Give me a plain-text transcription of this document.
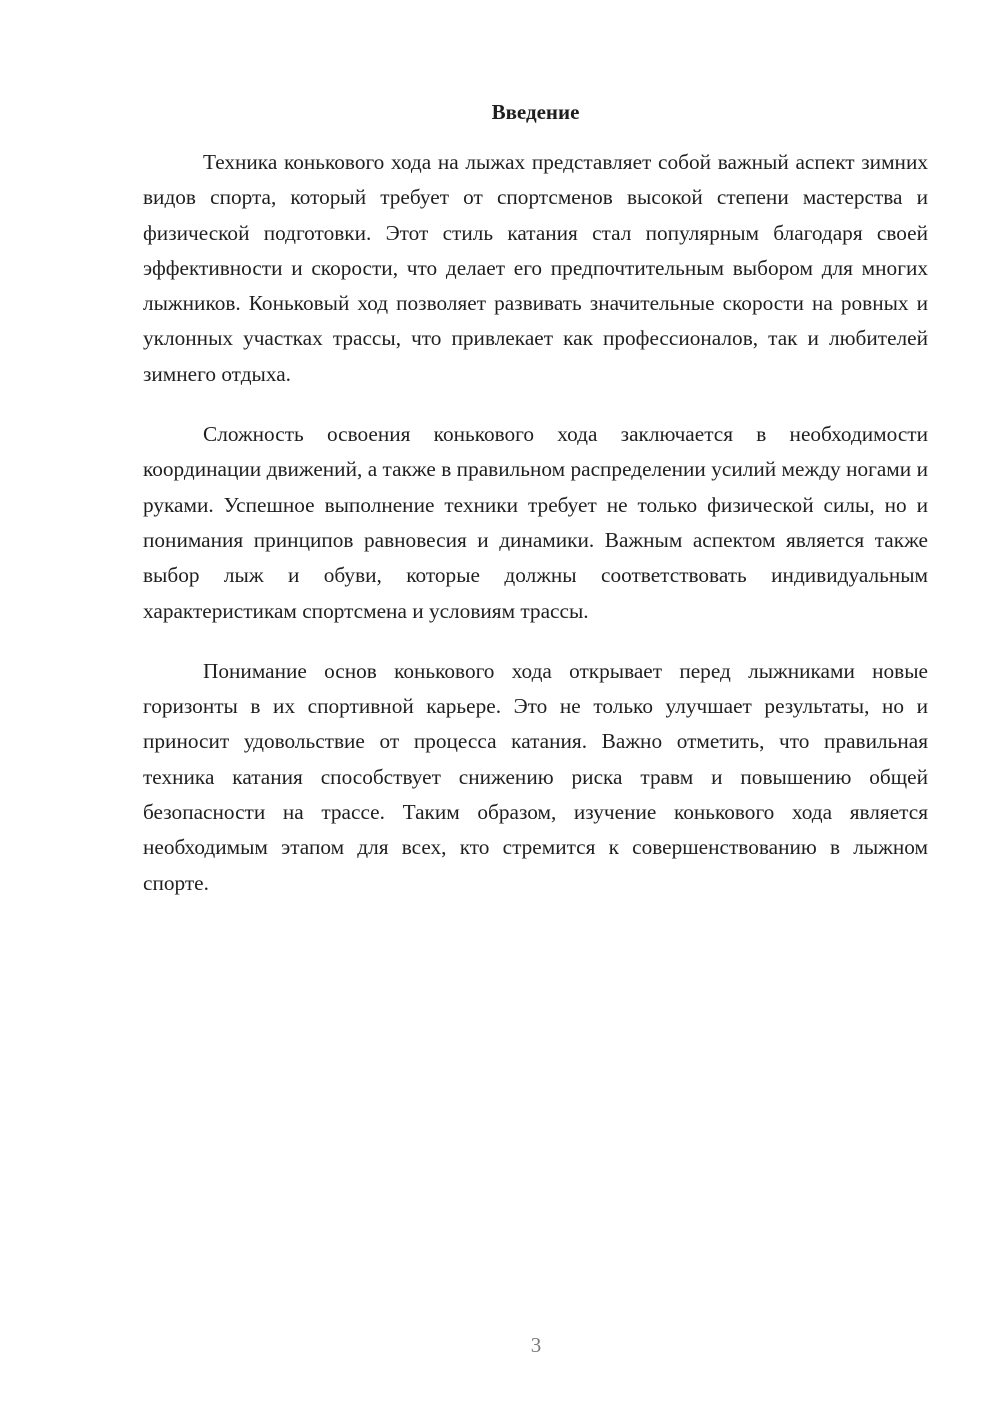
Введение

Техника конькового хода на лыжах представляет собой важный аспект зимних видов спорта, который требует от спортсменов высокой степени мастерства и физической подготовки. Этот стиль катания стал популярным благодаря своей эффективности и скорости, что делает его предпочтительным выбором для многих лыжников. Коньковый ход позволяет развивать значительные скорости на ровных и уклонных участках трассы, что привлекает как профессионалов, так и любителей зимнего отдыха.

Сложность освоения конькового хода заключается в необходимости координации движений, а также в правильном распределении усилий между ногами и руками. Успешное выполнение техники требует не только физической силы, но и понимания принципов равновесия и динамики. Важным аспектом является также выбор лыж и обуви, которые должны соответствовать индивидуальным характеристикам спортсмена и условиям трассы.

Понимание основ конькового хода открывает перед лыжниками новые горизонты в их спортивной карьере. Это не только улучшает результаты, но и приносит удовольствие от процесса катания. Важно отметить, что правильная техника катания способствует снижению риска травм и повышению общей безопасности на трассе. Таким образом, изучение конькового хода является необходимым этапом для всех, кто стремится к совершенствованию в лыжном спорте.

3
